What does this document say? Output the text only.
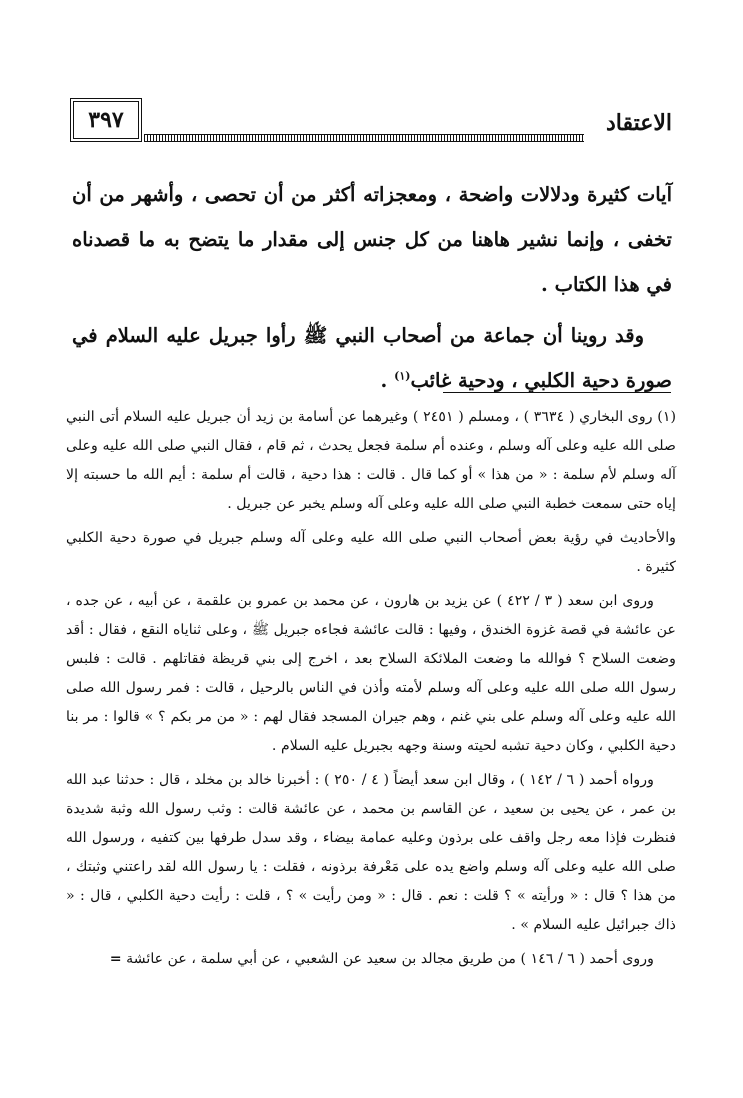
٣٩٧	الاعتقاد

آيات كثيرة ودلالات واضحة ، ومعجزاته أكثر من أن تحصى ، وأشهر من أن تخفى ، وإنما نشير هاهنا من كل جنس إلى مقدار ما يتضح به ما قصدناه في هذا الكتاب .

وقد روينا أن جماعة من أصحاب النبي ﷺ رأوا جبريل عليه السلام في صورة دحية الكلبي ، ودحية غائب$^{(١)}$ .

(١) روى البخاري ( ٣٦٣٤ ) ، ومسلم ( ٢٤٥١ ) وغيرهما عن أسامة بن زيد أن جبريل عليه السلام أتى النبي صلى الله عليه وعلى آله وسلم ، وعنده أم سلمة فجعل يحدث ، ثم قام ، فقال النبي صلى الله عليه وعلى آله وسلم لأم سلمة : « من هذا » أو كما قال . قالت : هذا دحية ، قالت أم سلمة : أيم الله ما حسبته إلا إياه حتى سمعت خطبة النبي صلى الله عليه وعلى آله وسلم يخبر عن جبريل .

والأحاديث في رؤية بعض أصحاب النبي صلى الله عليه وعلى آله وسلم جبريل في صورة دحية الكلبي كثيرة .

وروى ابن سعد ( ٣ / ٤٢٢ ) عن يزيد بن هارون ، عن محمد بن عمرو بن علقمة ، عن أبيه ، عن جده ، عن عائشة في قصة غزوة الخندق ، وفيها : قالت عائشة فجاءه جبريل ﷺ ، وعلى ثناياه النقع ، فقال : أقد وضعت السلاح ؟ فوالله ما وضعت الملائكة السلاح بعد ، اخرج إلى بني قريظة فقاتلهم . قالت : فلبس رسول الله صلى الله عليه وعلى آله وسلم لأمته وأذن في الناس بالرحيل ، قالت : فمر رسول الله صلى الله عليه وعلى آله وسلم على بني غنم ، وهم جيران المسجد فقال لهم : « من مر بكم ؟ » قالوا : مر بنا دحية الكلبي ، وكان دحية تشبه لحيته وسنة وجهه بجبريل عليه السلام .

ورواه أحمد ( ٦ / ١٤٢ ) ، وقال ابن سعد أيضاً ( ٤ / ٢٥٠ ) : أخبرنا خالد بن مخلد ، قال : حدثنا عبد الله بن عمر ، عن يحيى بن سعيد ، عن القاسم بن محمد ، عن عائشة قالت : وثب رسول الله وثبة شديدة فنظرت فإذا معه رجل واقف على برذون وعليه عمامة بيضاء ، وقد سدل طرفها بين كتفيه ، ورسول الله صلى الله عليه وعلى آله وسلم واضع يده على مَعْرفة برذونه ، فقلت : يا رسول الله لقد راعتني وثبتك ، من هذا ؟ قال : « ورأيته » ؟ قلت : نعم . قال : « ومن رأيت » ؟ ، قلت : رأيت دحية الكلبي ، قال : « ذاك جبرائيل عليه السلام » .

وروى أحمد ( ٦ / ١٤٦ ) من طريق مجالد بن سعيد عن الشعبي ، عن أبي سلمة ، عن عائشة =
